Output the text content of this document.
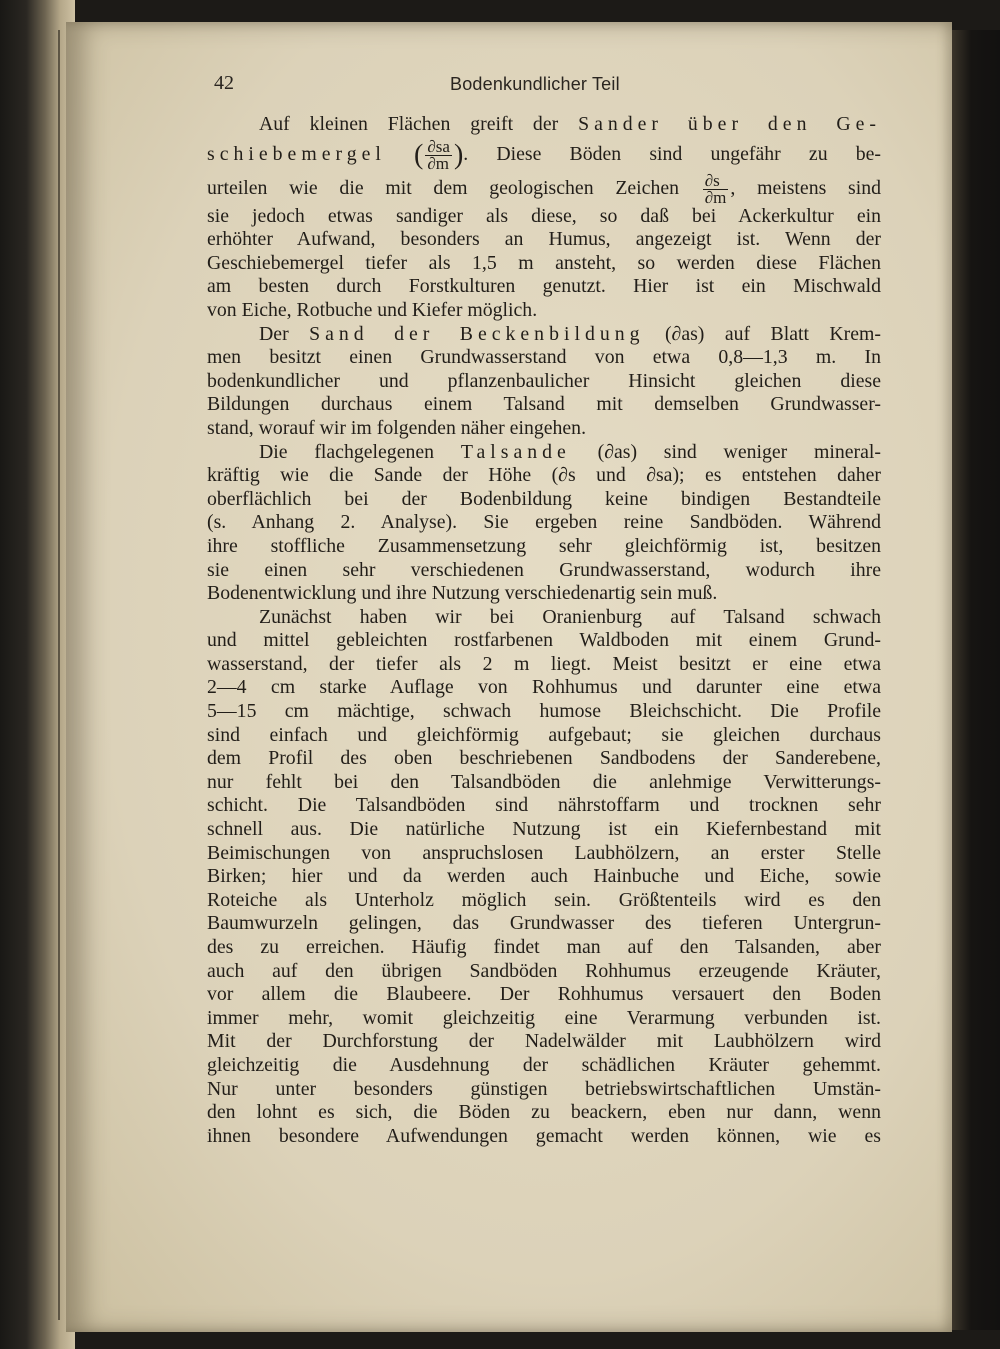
42	Bodenkundlicher Teil
Auf kleinen Flächen greift der Sander über den Ge-
schiebemergel ( $\frac{\partial sa}{\partial m}$ ). Diese Böden sind ungefähr zu be-
urteilen wie die mit dem geologischen Zeichen $\frac{\partial s}{\partial m}$ , meistens sind
sie jedoch etwas sandiger als diese, so daß bei Ackerkultur ein
erhöhter Aufwand, besonders an Humus, angezeigt ist. Wenn der
Geschiebemergel tiefer als 1,5 m ansteht, so werden diese Flächen
am besten durch Forstkulturen genutzt. Hier ist ein Mischwald
von Eiche, Rotbuche und Kiefer möglich.
Der Sand der Beckenbildung (∂as) auf Blatt Krem-
men besitzt einen Grundwasserstand von etwa 0,8—1,3 m. In
bodenkundlicher und pflanzenbaulicher Hinsicht gleichen diese
Bildungen durchaus einem Talsand mit demselben Grundwasser-
stand, worauf wir im folgenden näher eingehen.
Die flachgelegenen Talsande (∂as) sind weniger mineral-
kräftig wie die Sande der Höhe (∂s und ∂sa); es entstehen daher
oberflächlich bei der Bodenbildung keine bindigen Bestandteile
(s. Anhang 2. Analyse). Sie ergeben reine Sandböden. Während
ihre stoffliche Zusammensetzung sehr gleichförmig ist, besitzen
sie einen sehr verschiedenen Grundwasserstand, wodurch ihre
Bodenentwicklung und ihre Nutzung verschiedenartig sein muß.
Zunächst haben wir bei Oranienburg auf Talsand schwach
und mittel gebleichten rostfarbenen Waldboden mit einem Grund-
wasserstand, der tiefer als 2 m liegt. Meist besitzt er eine etwa
2—4 cm starke Auflage von Rohhumus und darunter eine etwa
5—15 cm mächtige, schwach humose Bleichschicht. Die Profile
sind einfach und gleichförmig aufgebaut; sie gleichen durchaus
dem Profil des oben beschriebenen Sandbodens der Sanderebene,
nur fehlt bei den Talsandböden die anlehmige Verwitterungs-
schicht. Die Talsandböden sind nährstoffarm und trocknen sehr
schnell aus. Die natürliche Nutzung ist ein Kiefernbestand mit
Beimischungen von anspruchslosen Laubhölzern, an erster Stelle
Birken; hier und da werden auch Hainbuche und Eiche, sowie
Roteiche als Unterholz möglich sein. Größtenteils wird es den
Baumwurzeln gelingen, das Grundwasser des tieferen Untergrun-
des zu erreichen. Häufig findet man auf den Talsanden, aber
auch auf den übrigen Sandböden Rohhumus erzeugende Kräuter,
vor allem die Blaubeere. Der Rohhumus versauert den Boden
immer mehr, womit gleichzeitig eine Verarmung verbunden ist.
Mit der Durchforstung der Nadelwälder mit Laubhölzern wird
gleichzeitig die Ausdehnung der schädlichen Kräuter gehemmt.
Nur unter besonders günstigen betriebswirtschaftlichen Umstän-
den lohnt es sich, die Böden zu beackern, eben nur dann, wenn
ihnen besondere Aufwendungen gemacht werden können, wie es
